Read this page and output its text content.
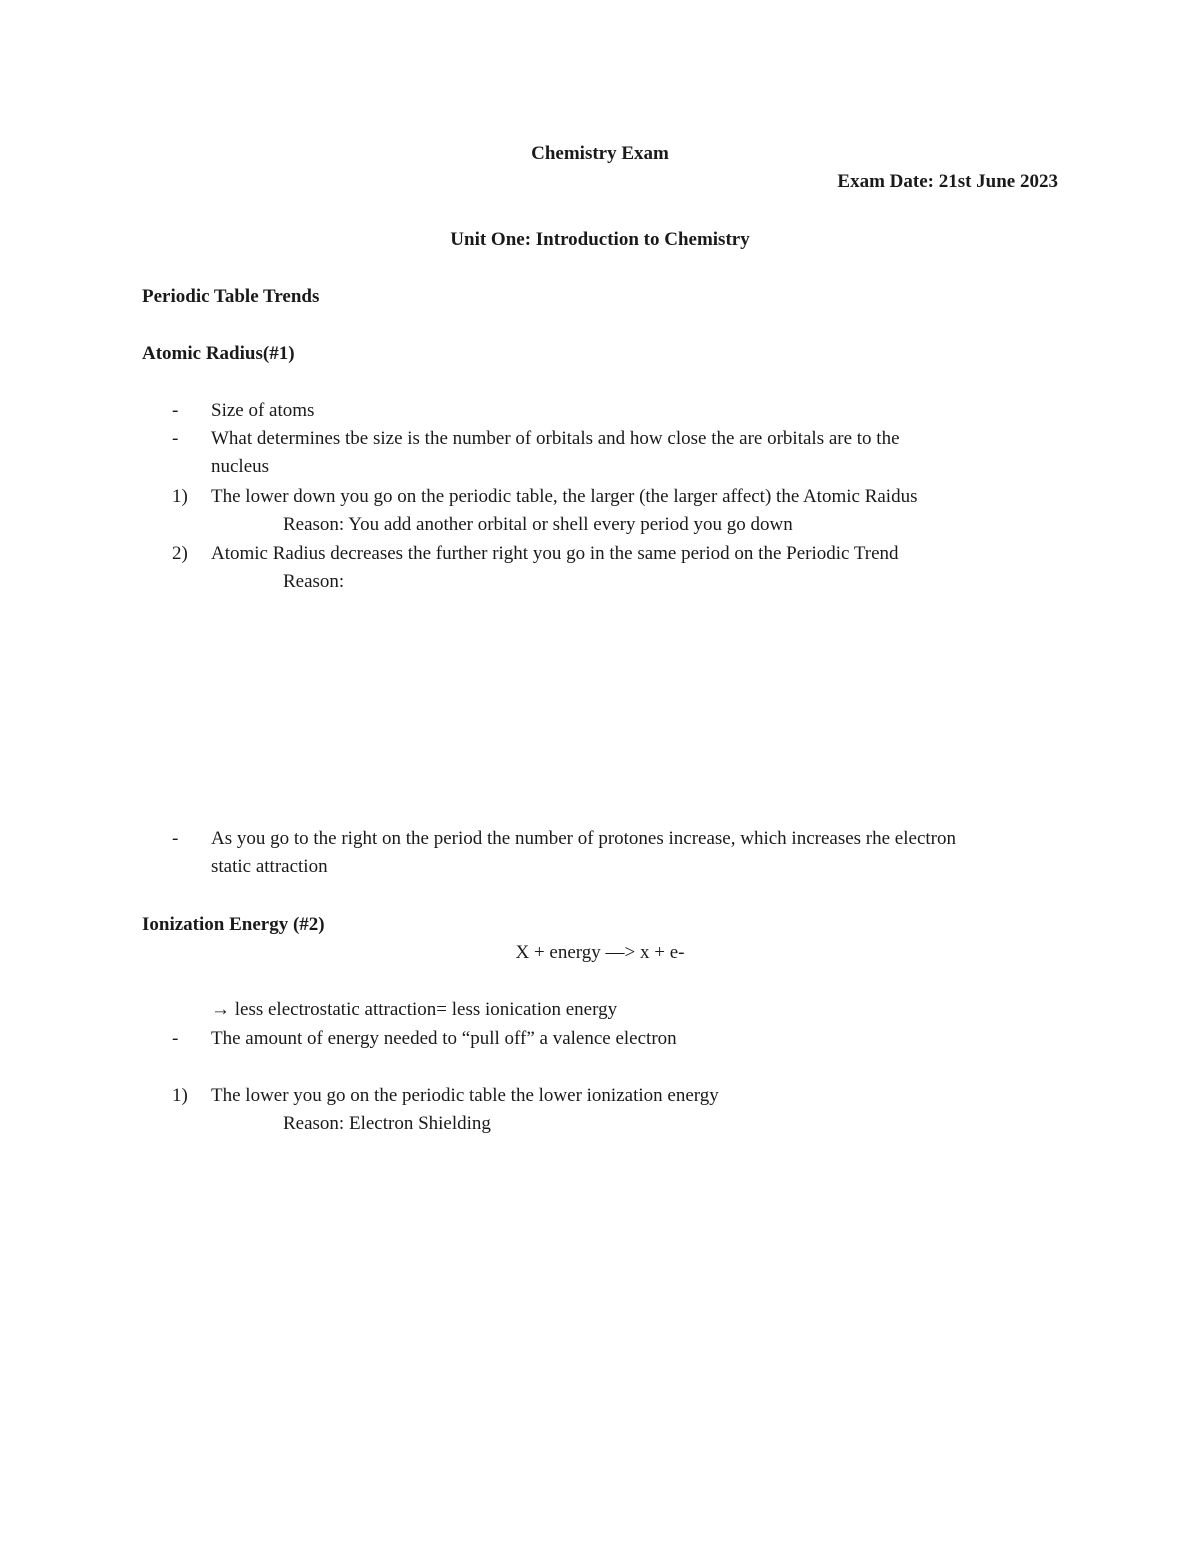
Chemistry Exam
Exam Date: 21st June 2023
Unit One: Introduction to Chemistry
Periodic Table Trends
Atomic Radius(#1)
- Size of atoms
- What determines tbe size is the number of orbitals and how close the are orbitals are to the
nucleus
1) The lower down you go on the periodic table, the larger (the larger affect) the Atomic Raidus
Reason: You add another orbital or shell every period you go down
2) Atomic Radius decreases the further right you go in the same period on the Periodic Trend
Reason:
- As you go to the right on the period the number of protones increase, which increases rhe electron
static attraction
Ionization Energy (#2)
X + energy —> x + e-
→ less electrostatic attraction= less ionication energy
- The amount of energy needed to “pull off” a valence electron
1) The lower you go on the periodic table the lower ionization energy
Reason: Electron Shielding
